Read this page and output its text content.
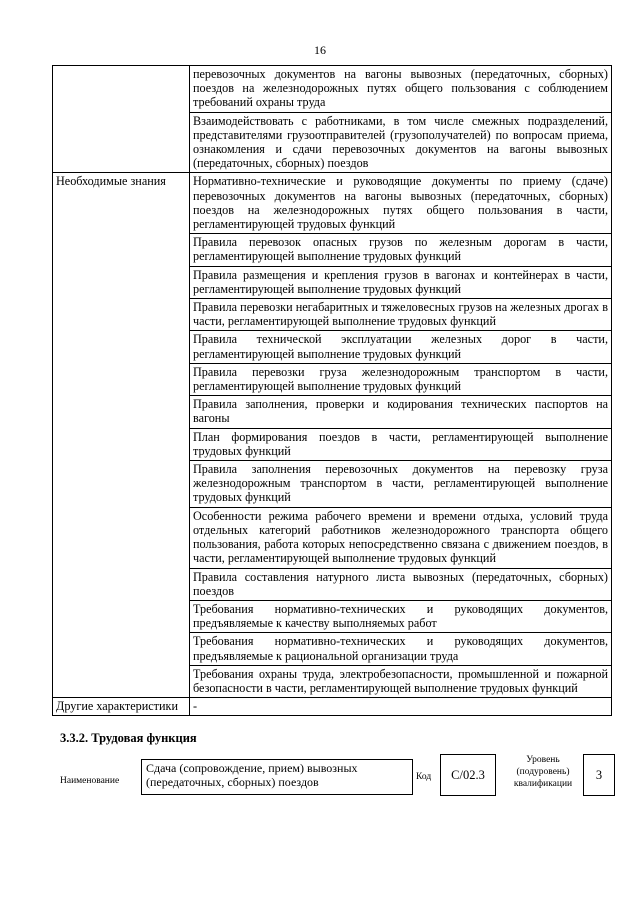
16
	перевозочных документов на вагоны вывозных (передаточных, сборных) поездов на железнодорожных путях общего пользования с соблюдением требований охраны труда
	Взаимодействовать с работниками, в том числе смежных подразделений, представителями грузоотправителей (грузополучателей) по вопросам приема, ознакомления и сдачи перевозочных документов на вагоны вывозных (передаточных, сборных) поездов
Необходимые знания	Нормативно-технические и руководящие документы по приему (сдаче) перевозочных документов на вагоны вывозных (передаточных, сборных) поездов на железнодорожных путях общего пользования в части, регламентирующей трудовых функций
	Правила перевозок опасных грузов по железным дорогам в части, регламентирующей выполнение трудовых функций
	Правила размещения и крепления грузов в вагонах и контейнерах в части, регламентирующей выполнение трудовых функций
	Правила перевозки негабаритных и тяжеловесных грузов на железных дрогах в части, регламентирующей выполнение трудовых функций
	Правила технической эксплуатации железных дорог в части, регламентирующей выполнение трудовых функций
	Правила перевозки груза железнодорожным транспортом в части, регламентирующей выполнение трудовых функций
	Правила заполнения, проверки и кодирования технических паспортов на вагоны
	План формирования поездов в части, регламентирующей выполнение трудовых функций
	Правила заполнения перевозочных документов на перевозку груза железнодорожным транспортом в части, регламентирующей выполнение трудовых функций
	Особенности режима рабочего времени и времени отдыха, условий труда отдельных категорий работников железнодорожного транспорта общего пользования, работа которых непосредственно связана с движением поездов, в части, регламентирующей выполнение трудовых функций
	Правила составления натурного листа вывозных (передаточных, сборных) поездов
	Требования нормативно-технических и руководящих документов, предъявляемые к качеству выполняемых работ
	Требования нормативно-технических и руководящих документов, предъявляемые к рациональной организации труда
	Требования охраны труда, электробезопасности, промышленной и пожарной безопасности в части, регламентирующей выполнение трудовых функций
Другие характеристики	-
3.3.2. Трудовая функция
Наименование
Сдача (сопровождение, прием) вывозных (передаточных, сборных) поездов	Код	С/02.3
Уровень (подуровень) квалификации
3
